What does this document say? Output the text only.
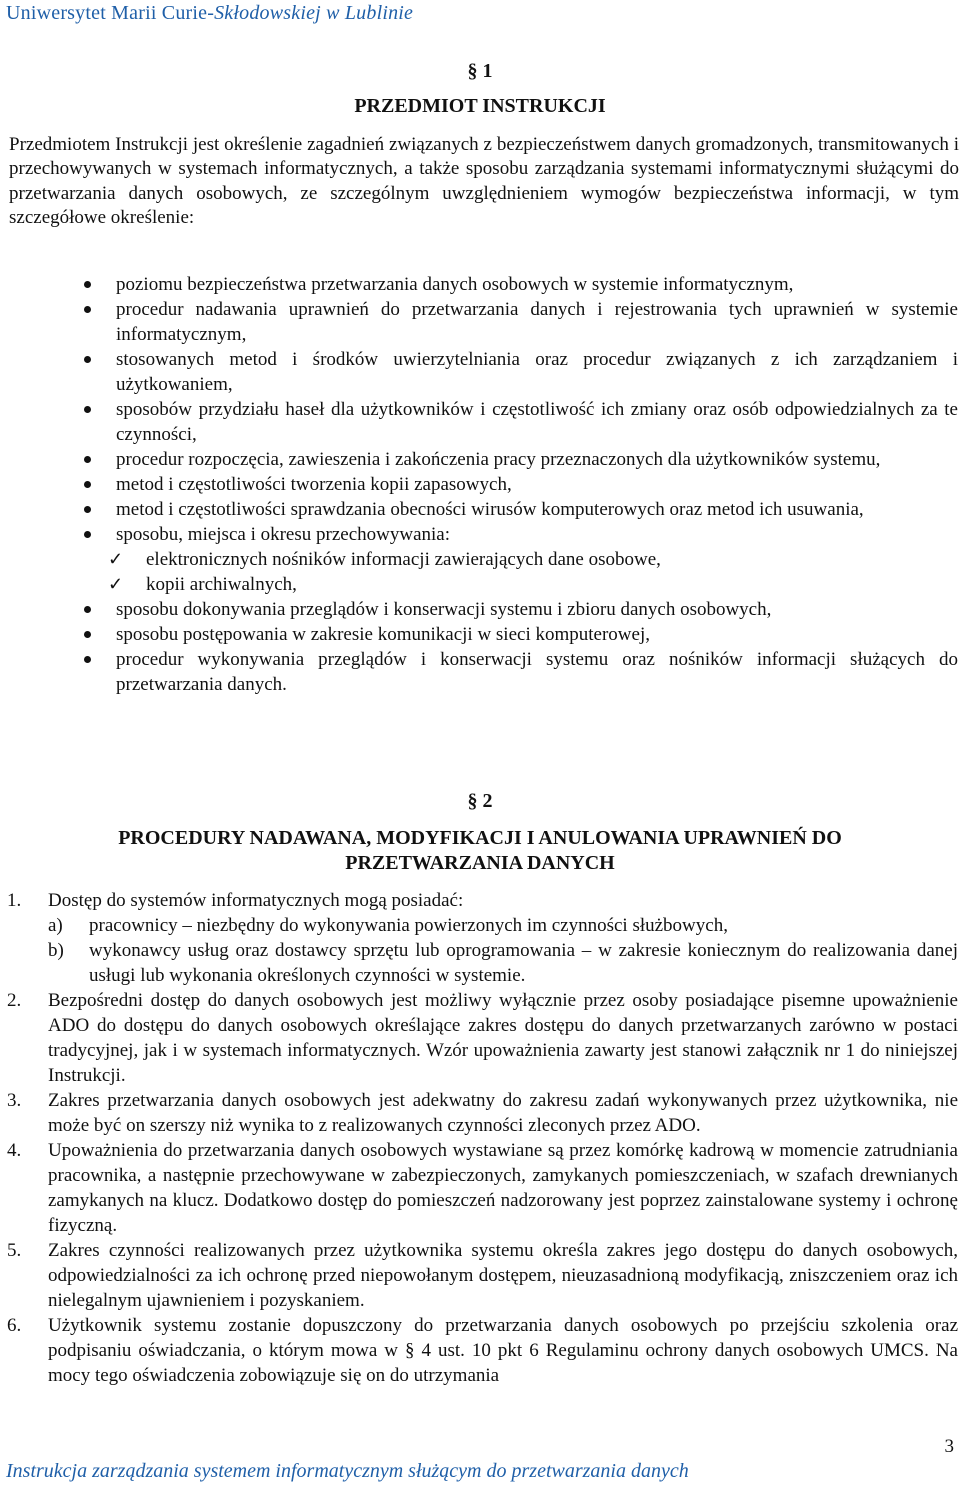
Uniwersytet Marii Curie-Skłodowskiej w Lublinie
§ 1
PRZEDMIOT INSTRUKCJI
Przedmiotem Instrukcji jest określenie zagadnień związanych z bezpieczeństwem danych gromadzonych, transmitowanych i przechowywanych w systemach informatycznych, a także sposobu zarządzania systemami informatycznymi służącymi do przetwarzania danych osobowych, ze szczególnym uwzględnieniem wymogów bezpieczeństwa informacji, w tym szczegółowe określenie:

poziomu bezpieczeństwa przetwarzania danych osobowych w systemie informatycznym,

procedur nadawania uprawnień do przetwarzania danych i rejestrowania tych uprawnień w systemie informatycznym,

stosowanych metod i środków uwierzytelniania oraz procedur związanych z ich zarządzaniem i użytkowaniem,

sposobów przydziału haseł dla użytkowników i częstotliwość ich zmiany oraz osób odpowiedzialnych za te czynności,

procedur rozpoczęcia, zawieszenia i zakończenia pracy przeznaczonych dla użytkowników systemu,

metod i częstotliwości tworzenia kopii zapasowych,

metod i częstotliwości sprawdzania obecności wirusów komputerowych oraz metod ich usuwania,

sposobu, miejsca i okresu przechowywania:

✓ elektronicznych nośników informacji zawierających dane osobowe,

✓ kopii archiwalnych,

sposobu dokonywania przeglądów i konserwacji systemu i zbioru danych osobowych,

sposobu postępowania w zakresie komunikacji w sieci komputerowej,

procedur wykonywania przeglądów i konserwacji systemu oraz nośników informacji służących do przetwarzania danych.

§ 2
PROCEDURY NADAWANA, MODYFIKACJI I ANULOWANIA UPRAWNIEŃ DO
PRZETWARZANIA DANYCH

1. Dostęp do systemów informatycznych mogą posiadać:

a) pracownicy – niezbędny do wykonywania powierzonych im czynności służbowych,

b) wykonawcy usług oraz dostawcy sprzętu lub oprogramowania – w zakresie koniecznym do realizowania danej usługi lub wykonania określonych czynności w systemie.

2. Bezpośredni dostęp do danych osobowych jest możliwy wyłącznie przez osoby posiadające pisemne upoważnienie ADO do dostępu do danych osobowych określające zakres dostępu do danych przetwarzanych zarówno w postaci tradycyjnej, jak i w systemach informatycznych. Wzór upoważnienia zawarty jest stanowi załącznik nr 1 do niniejszej Instrukcji.

3. Zakres przetwarzania danych osobowych jest adekwatny do zakresu zadań wykonywanych przez użytkownika, nie może być on szerszy niż wynika to z realizowanych czynności zleconych przez ADO.

4. Upoważnienia do przetwarzania danych osobowych wystawiane są przez komórkę kadrową w momencie zatrudniania pracownika, a następnie przechowywane w zabezpieczonych, zamykanych pomieszczeniach, w szafach drewnianych zamykanych na klucz. Dodatkowo dostęp do pomieszczeń nadzorowany jest poprzez zainstalowane systemy i ochronę fizyczną.

5. Zakres czynności realizowanych przez użytkownika systemu określa zakres jego dostępu do danych osobowych, odpowiedzialności za ich ochronę przed niepowołanym dostępem, nieuzasadnioną modyfikacją, zniszczeniem oraz ich nielegalnym ujawnieniem i pozyskaniem.

6. Użytkownik systemu zostanie dopuszczony do przetwarzania danych osobowych po przejściu szkolenia oraz podpisaniu oświadczania, o którym mowa w § 4 ust. 10 pkt 6 Regulaminu ochrony danych osobowych UMCS. Na mocy tego oświadczenia zobowiązuje się on do utrzymania

3
Instrukcja zarządzania systemem informatycznym służącym do przetwarzania danych
